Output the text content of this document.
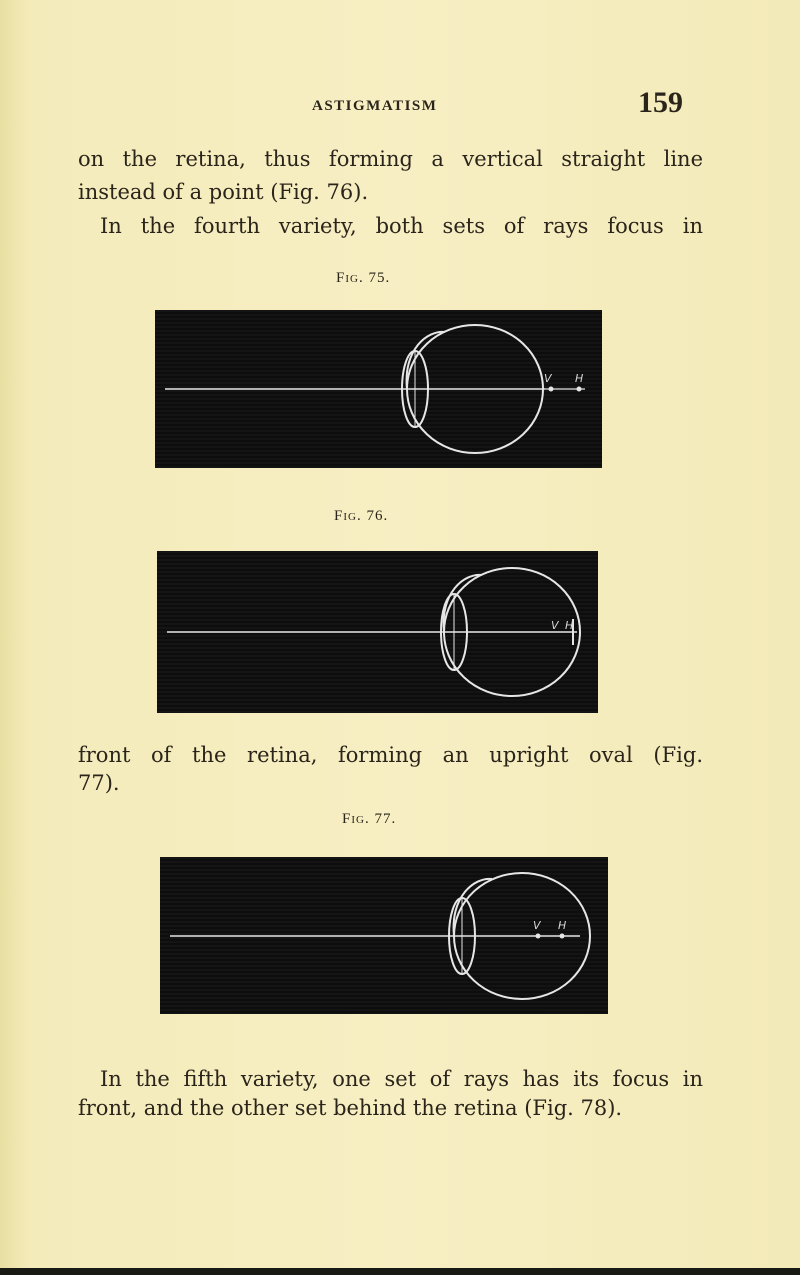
ASTIGMATISM	159

on the retina, thus forming a vertical straight line

instead of a point (Fig. 76).

In the fourth variety, both sets of rays focus in

Fig. 75.
V H
Fig. 76.
V H

front of the retina, forming an upright oval (Fig.

77).

Fig. 77.
V H

In the fifth variety, one set of rays has its focus in

front, and the other set behind the retina (Fig. 78).
